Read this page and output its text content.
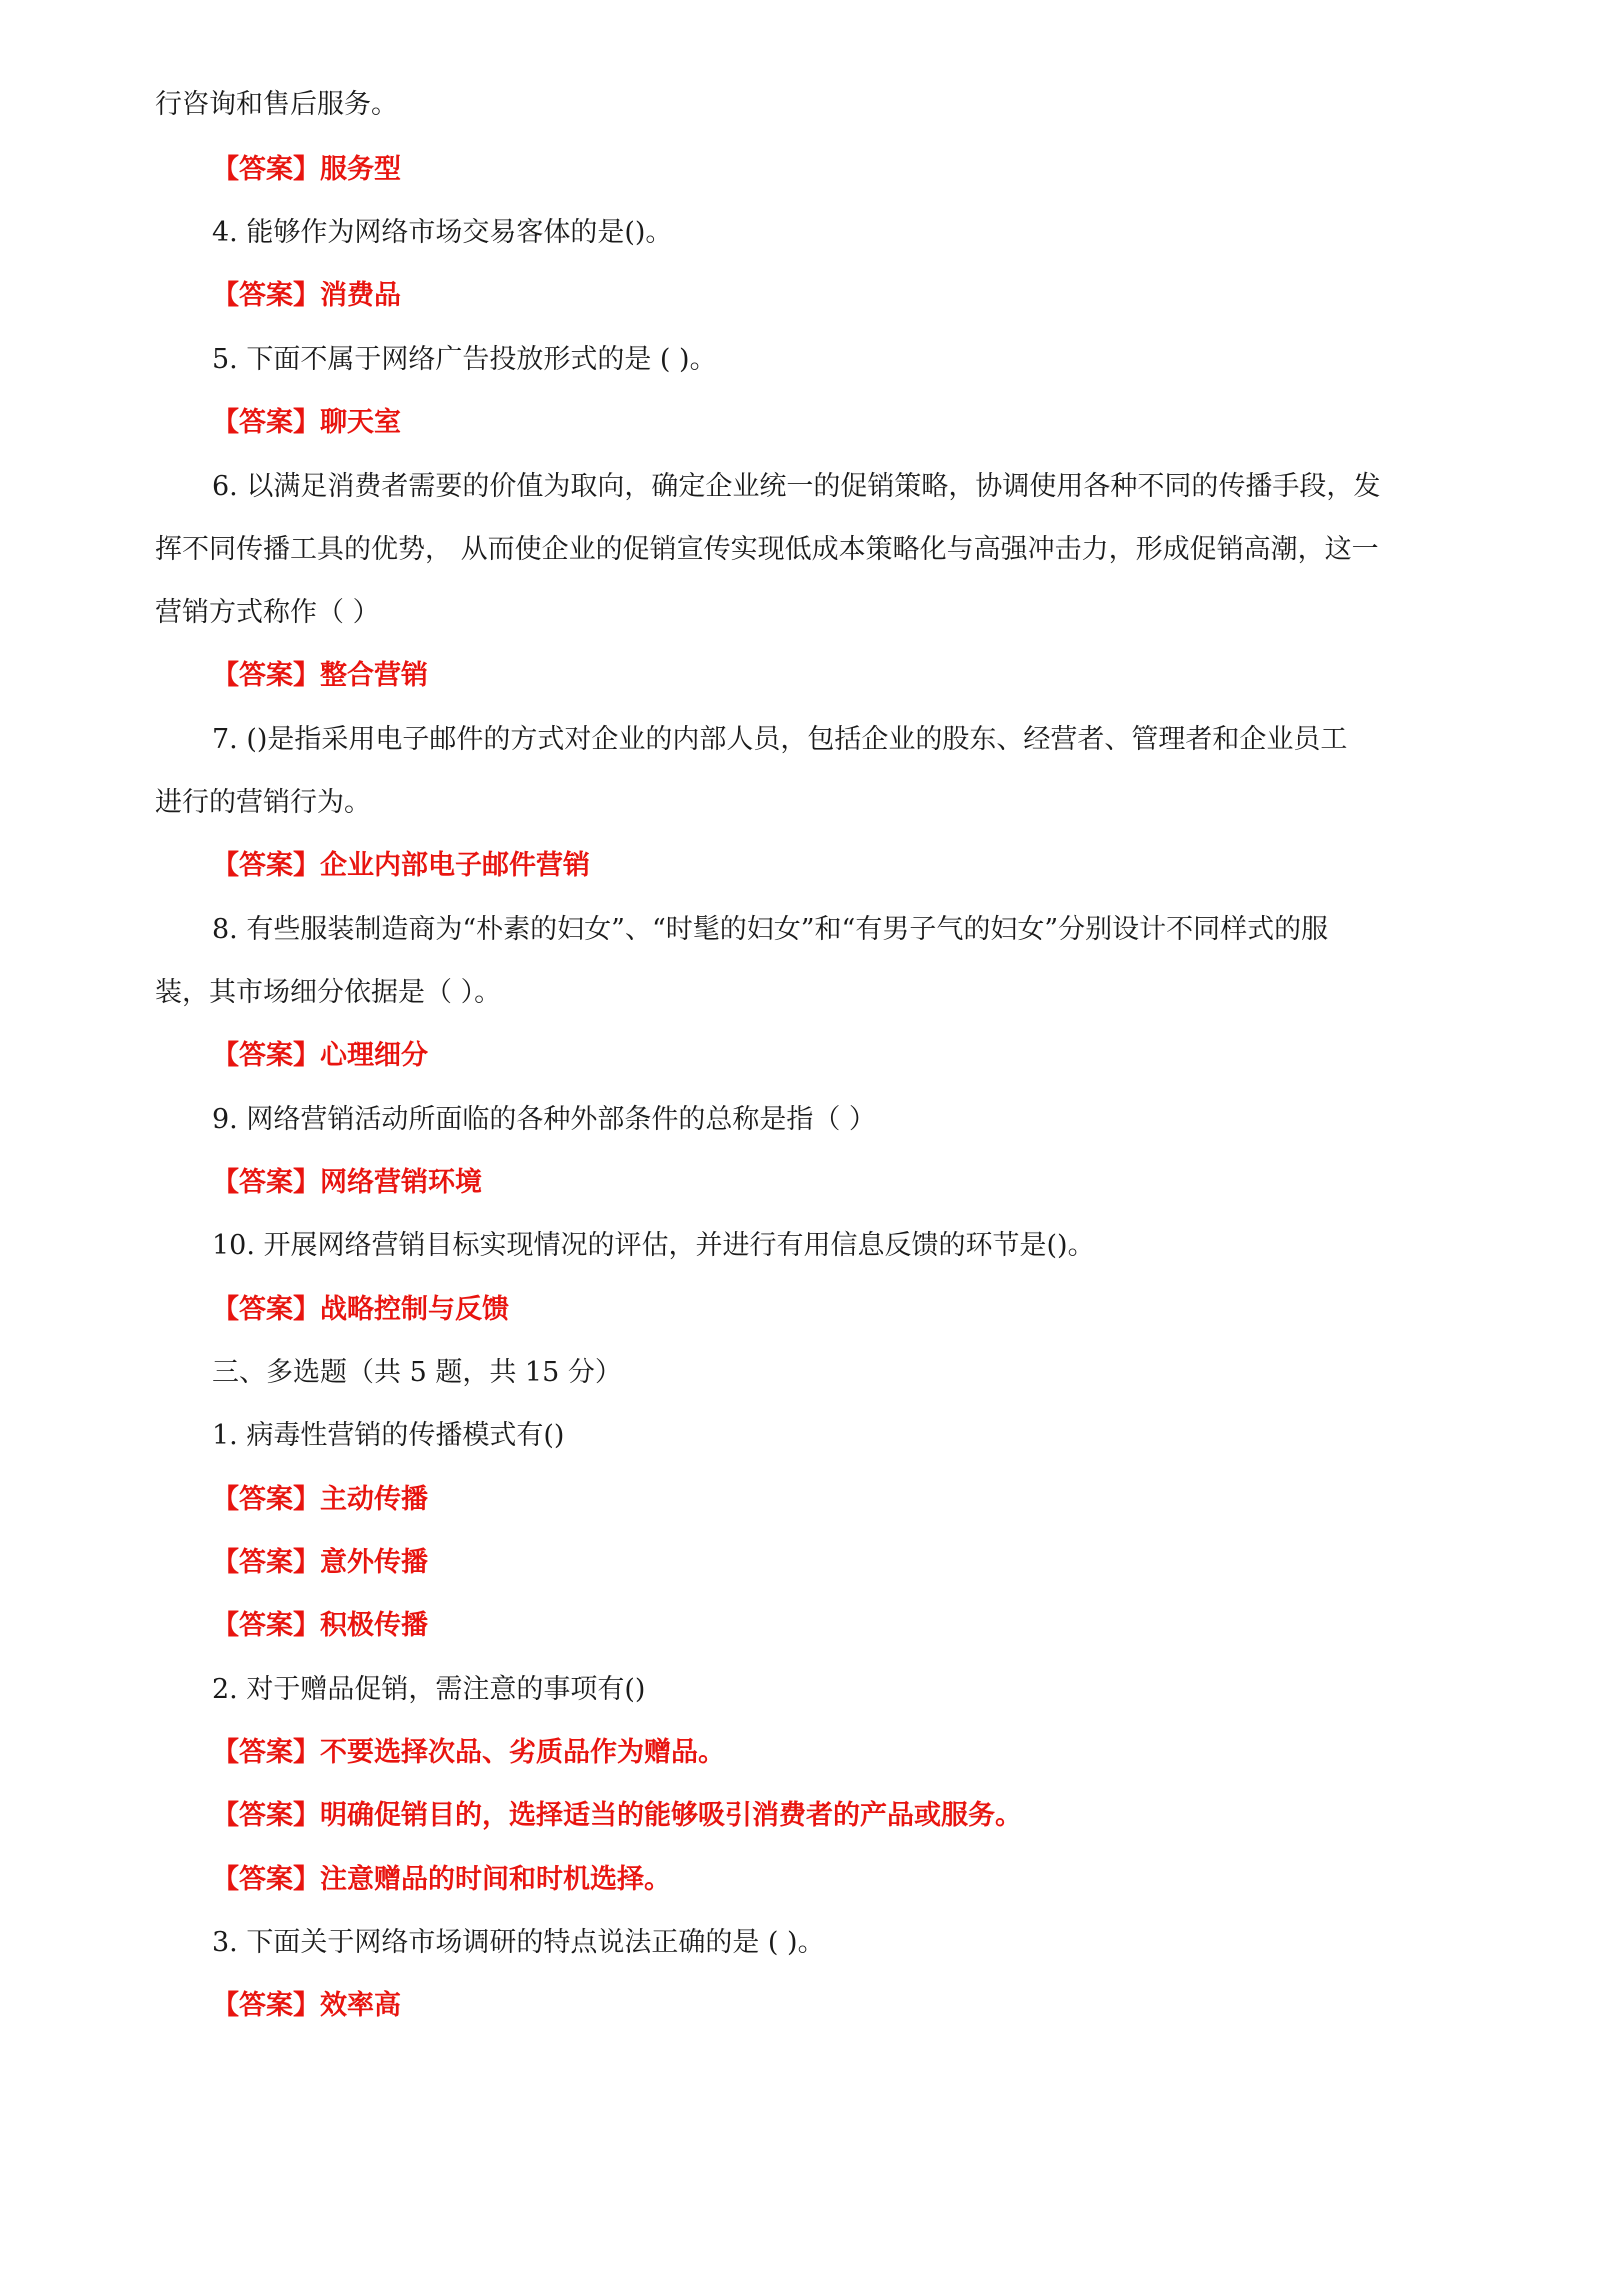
行咨询和售后服务。
【答案】服务型
4. 能够作为网络市场交易客体的是()。
【答案】消费品
5. 下面不属于网络广告投放形式的是 ( )。
【答案】聊天室
6. 以满足消费者需要的价值为取向，确定企业统一的促销策略，协调使用各种不同的传播手段，发
挥不同传播工具的优势， 从而使企业的促销宣传实现低成本策略化与高强冲击力，形成促销高潮，这一
营销方式称作（ ）
【答案】整合营销
7. ()是指采用电子邮件的方式对企业的内部人员，包括企业的股东、经营者、管理者和企业员工
进行的营销行为。
【答案】企业内部电子邮件营销
8. 有些服装制造商为“朴素的妇女”、“时髦的妇女”和“有男子气的妇女”分别设计不同样式的服
装，其市场细分依据是（ ）。
【答案】心理细分
9. 网络营销活动所面临的各种外部条件的总称是指（ ）
【答案】网络营销环境
10. 开展网络营销目标实现情况的评估，并进行有用信息反馈的环节是()。
【答案】战略控制与反馈
三、多选题（共 5 题，共 15 分）
1. 病毒性营销的传播模式有()
【答案】主动传播
【答案】意外传播
【答案】积极传播
2. 对于赠品促销，需注意的事项有()
【答案】不要选择次品、劣质品作为赠品。
【答案】明确促销目的，选择适当的能够吸引消费者的产品或服务。
【答案】注意赠品的时间和时机选择。
3. 下面关于网络市场调研的特点说法正确的是 ( )。
【答案】效率高
